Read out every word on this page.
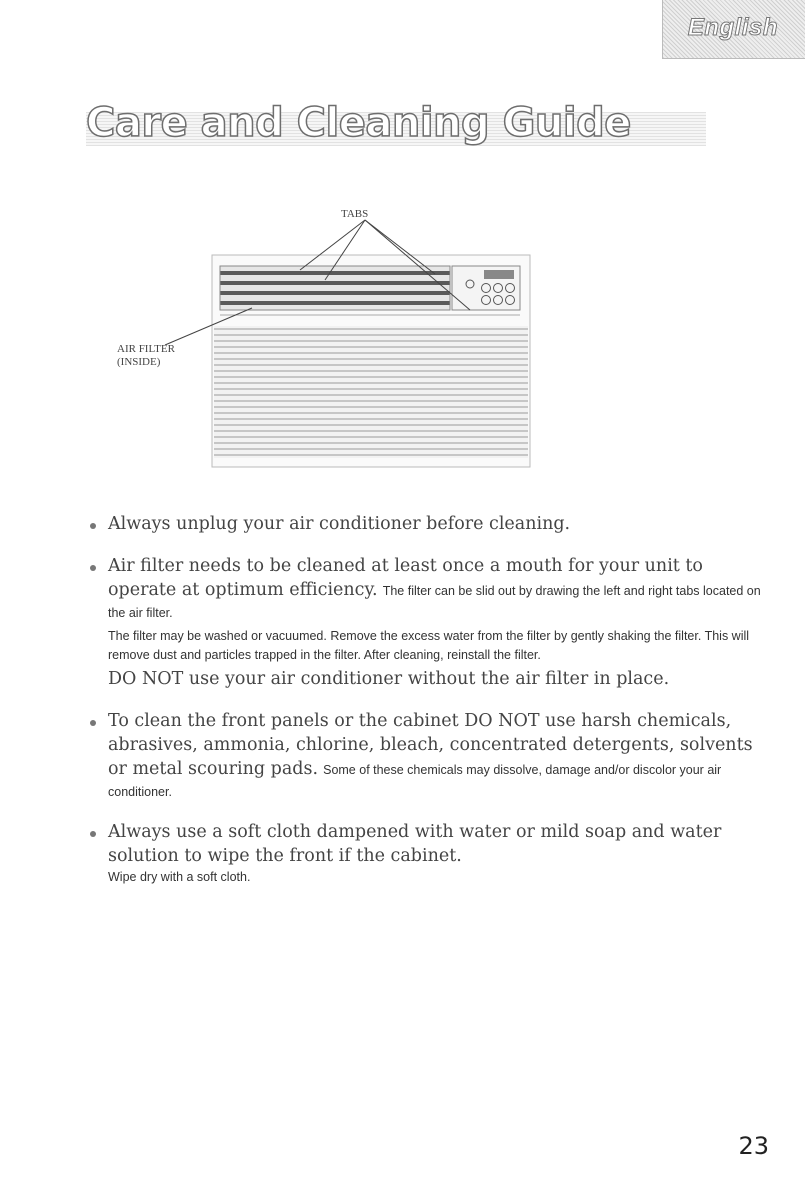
English
Care and Cleaning Guide
TABS
AIR FILTER
(INSIDE)
Always unplug your air conditioner before cleaning.
Air filter needs to be cleaned at least once a mouth for your unit to operate at optimum efficiency. The filter can be slid out by drawing the left and right tabs located on the air filter.
The filter may be washed or vacuumed. Remove the excess water from the filter by gently shaking the filter. This will remove dust and particles trapped in the filter. After cleaning, reinstall the filter.
DO NOT use your air conditioner without the air filter in place.
To clean the front panels or the cabinet DO NOT use harsh chemicals, abrasives, ammonia, chlorine, bleach, concentrated detergents, solvents or metal scouring pads. Some of these chemicals may dissolve, damage and/or discolor your air conditioner.
Always use a soft cloth dampened with water or mild soap and water solution to wipe the front if the cabinet.
Wipe dry with a soft cloth.
23
